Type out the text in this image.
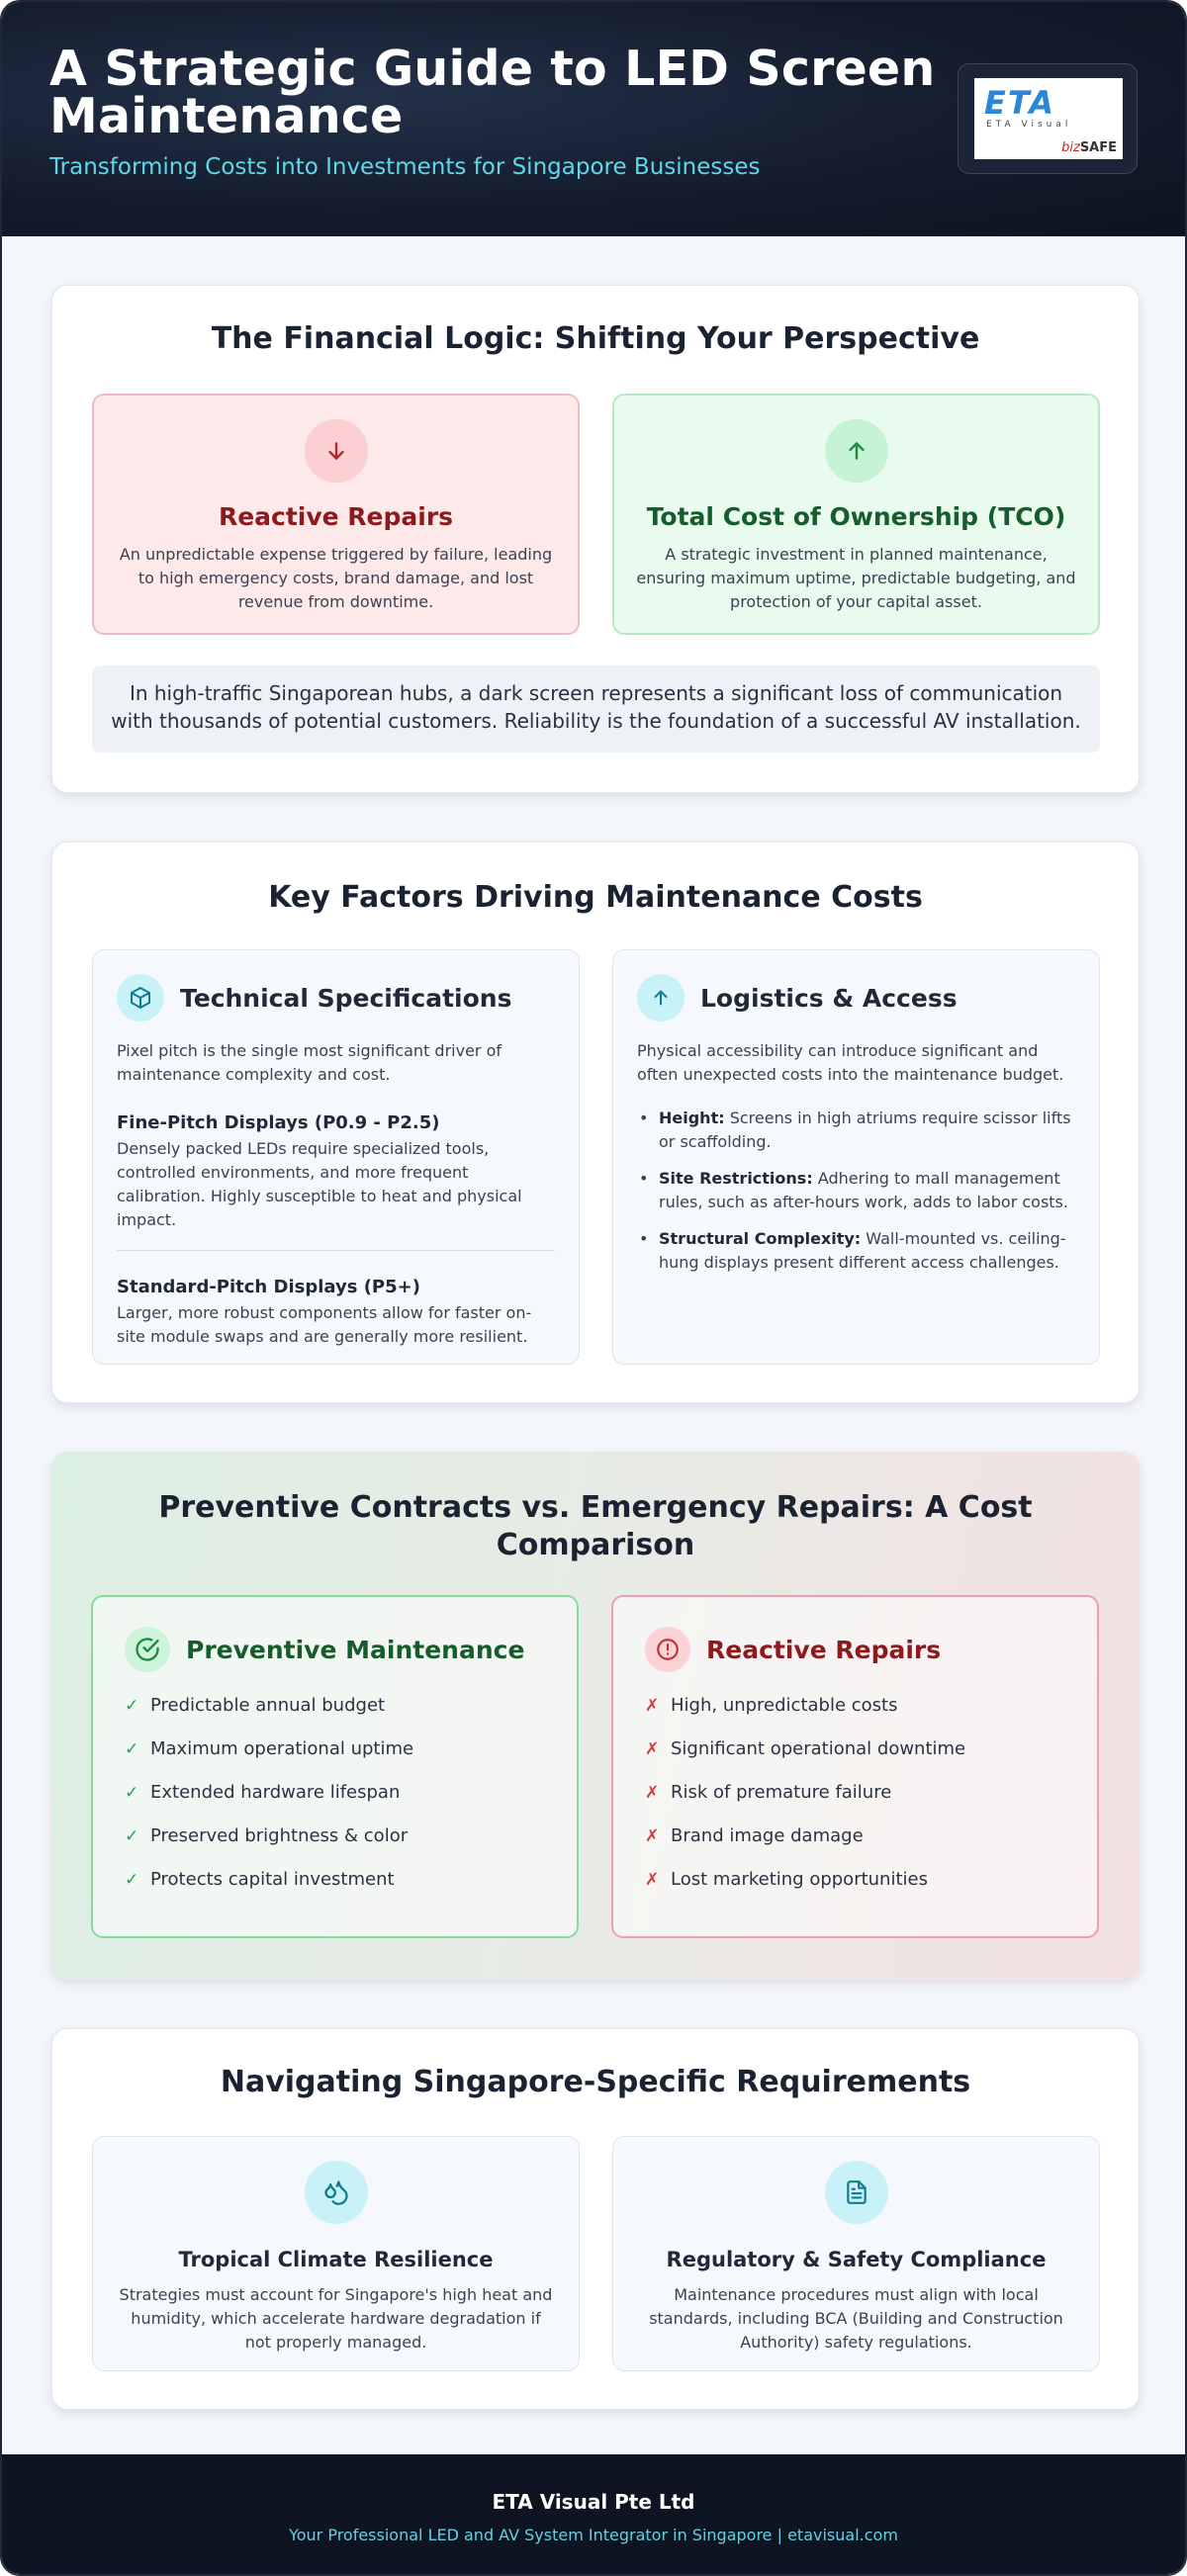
A Strategic Guide to LED Screen Maintenance
Transforming Costs into Investments for Singapore Businesses
ETA
ETA Visual
bizSAFE
The Financial Logic: Shifting Your Perspective
Reactive Repairs

An unpredictable expense triggered by failure, leading to high emergency costs, brand damage, and lost revenue from downtime.

Total Cost of Ownership (TCO)

A strategic investment in planned maintenance, ensuring maximum uptime, predictable budgeting, and protection of your capital asset.

In high-traffic Singaporean hubs, a dark screen represents a significant loss of communication with thousands of potential customers. Reliability is the foundation of a successful AV installation.
Key Factors Driving Maintenance Costs
Technical Specifications

Pixel pitch is the single most significant driver of maintenance complexity and cost.

Fine-Pitch Displays (P0.9 - P2.5)

Densely packed LEDs require specialized tools, controlled environments, and more frequent calibration. Highly susceptible to heat and physical impact.

Standard-Pitch Displays (P5+)

Larger, more robust components allow for faster on-site module swaps and are generally more resilient.

Logistics & Access

Physical accessibility can introduce significant and often unexpected costs into the maintenance budget.

• Height: Screens in high atriums require scissor lifts or scaffolding.
• Site Restrictions: Adhering to mall management rules, such as after-hours work, adds to labor costs.
• Structural Complexity: Wall-mounted vs. ceiling-hung displays present different access challenges.
Preventive Contracts vs. Emergency Repairs: A Cost Comparison
Preventive Maintenance
✓ Predictable annual budget
✓ Maximum operational uptime
✓ Extended hardware lifespan
✓ Preserved brightness & color
✓ Protects capital investment
Reactive Repairs
✗ High, unpredictable costs
✗ Significant operational downtime
✗ Risk of premature failure
✗ Brand image damage
✗ Lost marketing opportunities
Navigating Singapore-Specific Requirements
Tropical Climate Resilience

Strategies must account for Singapore's high heat and humidity, which accelerate hardware degradation if not properly managed.

Regulatory & Safety Compliance

Maintenance procedures must align with local standards, including BCA (Building and Construction Authority) safety regulations.

ETA Visual Pte Ltd
Your Professional LED and AV System Integrator in Singapore | etavisual.com
